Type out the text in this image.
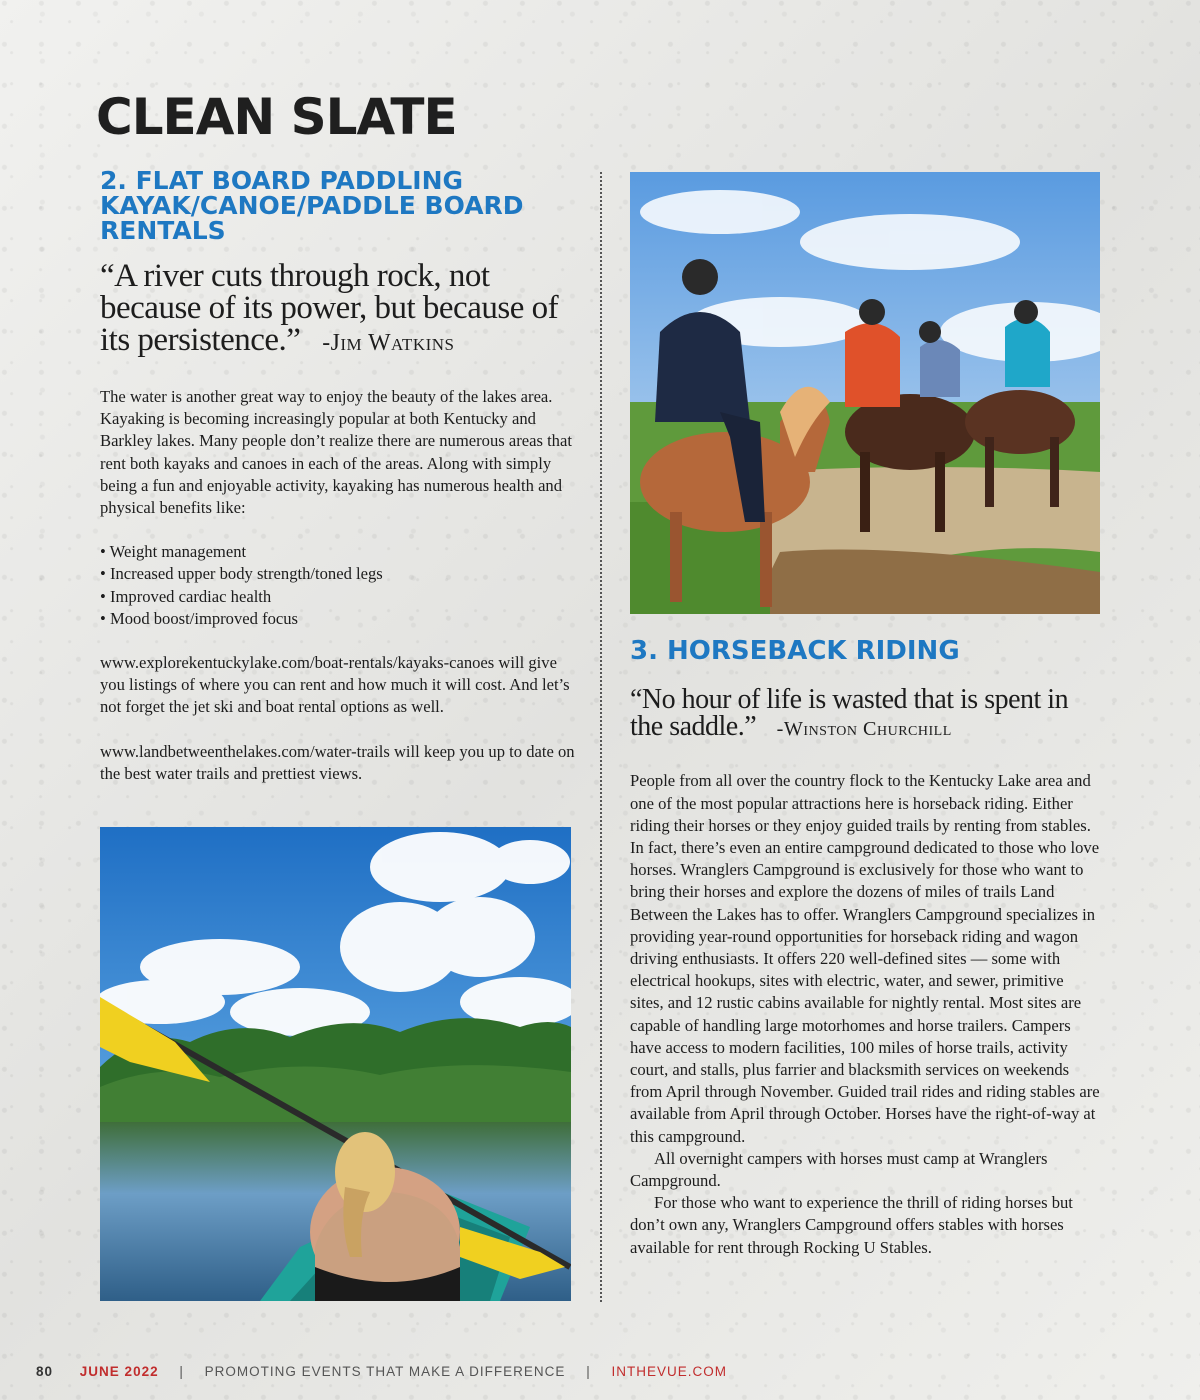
CLEAN SLATE
2. FLAT BOARD PADDLING
KAYAK/CANOE/PADDLE BOARD
RENTALS

“A river cuts through rock, not because of its power, but because of its persistence.” -Jim Watkins

The water is another great way to enjoy the beauty of the lakes area. Kayaking is becoming increasingly popular at both Kentucky and Barkley lakes. Many people don’t realize there are numerous areas that rent both kayaks and canoes in each of the areas. Along with simply being a fun and enjoyable activity, kayaking has numerous health and physical benefits like:

• Weight management
• Increased upper body strength/toned legs
• Improved cardiac health
• Mood boost/improved focus

www.explorekentuckylake.com/boat-rentals/kayaks-canoes will give you listings of where you can rent and how much it will cost. And let’s not forget the jet ski and boat rental options as well.

www.landbetweenthelakes.com/water-trails will keep you up to date on the best water trails and prettiest views.

3. HORSEBACK RIDING

“No hour of life is wasted that is spent in the saddle.” -Winston Churchill

People from all over the country flock to the Kentucky Lake area and one of the most popular attractions here is horseback riding. Either riding their horses or they enjoy guided trails by renting from stables. In fact, there’s even an entire campground dedicated to those who love horses. Wranglers Campground is exclusively for those who want to bring their horses and explore the dozens of miles of trails Land Between the Lakes has to offer. Wranglers Campground specializes in providing year-round opportunities for horseback riding and wagon driving enthusiasts. It offers 220 well-defined sites — some with electrical hookups, sites with electric, water, and sewer, primitive sites, and 12 rustic cabins available for nightly rental. Most sites are capable of handling large motorhomes and horse trailers. Campers have access to modern facilities, 100 miles of horse trails, activity court, and stalls, plus farrier and blacksmith services on weekends from April through November. Guided trail rides and riding stables are available from April through October. Horses have the right-of-way at this campground.

All overnight campers with horses must camp at Wranglers Campground.

For those who want to experience the thrill of riding horses but don’t own any, Wranglers Campground offers stables with horses available for rent through Rocking U Stables.

80 JUNE 2022 | PROMOTING EVENTS THAT MAKE A DIFFERENCE | INTHEVUE.COM
